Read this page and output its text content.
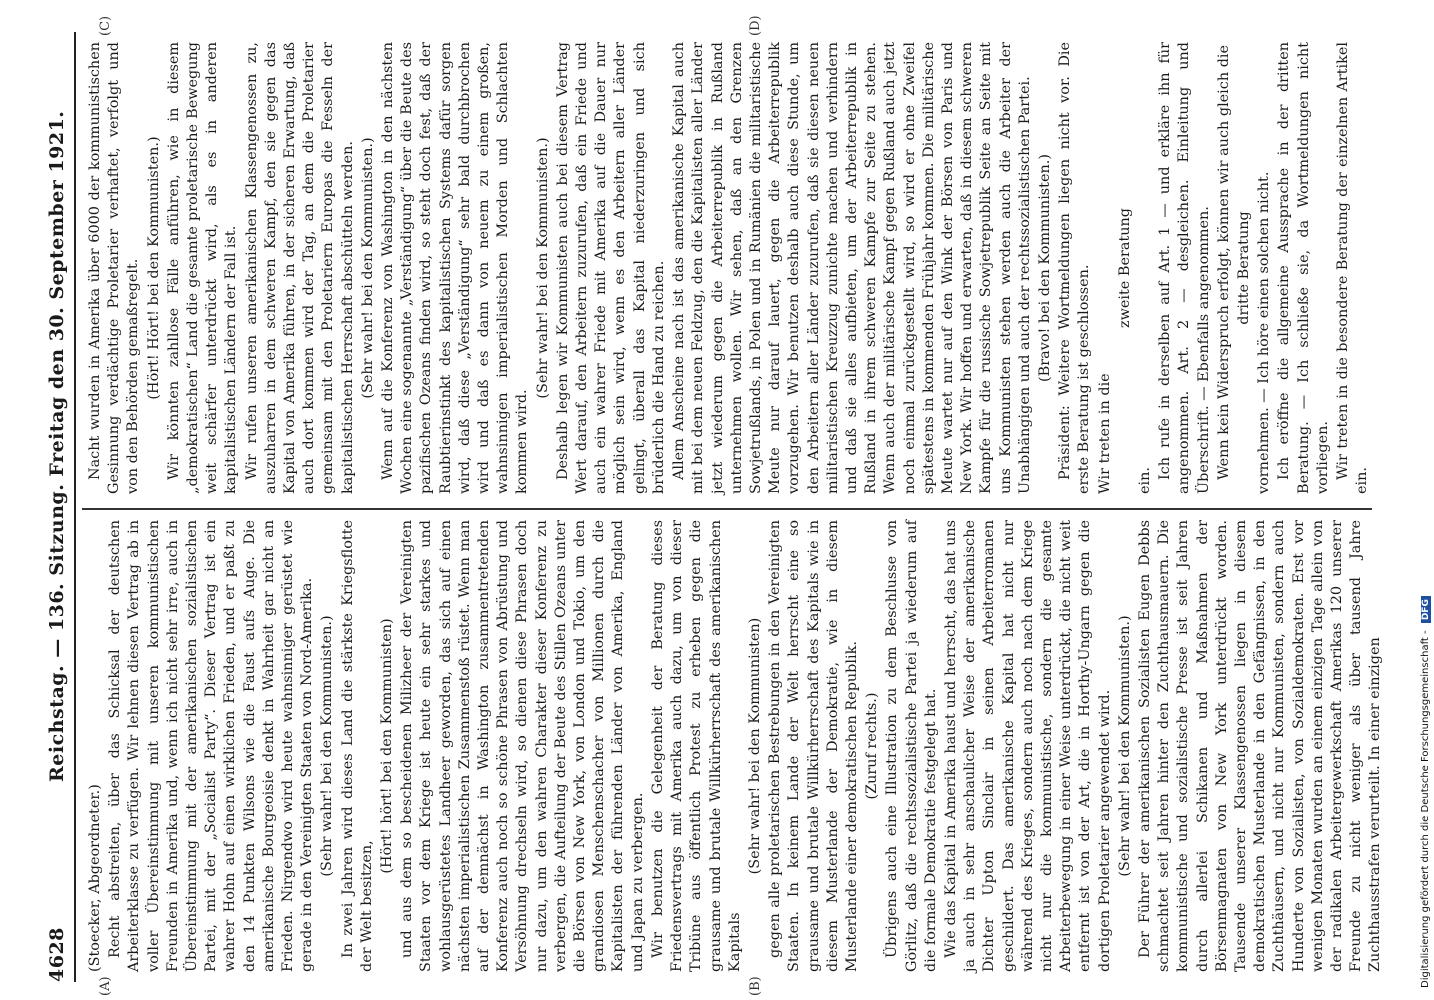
4628
Reichstag. — 136. Sitzung. Freitag den 30. September 1921.
(A)	(B)
(C)	(D)

(Stoecker, Abgeordneter.) Recht abstreiten, über das Schicksal der deutschen Arbeiterklasse zu verfügen. Wir lehnen diesen Vertrag ab in voller Übereinstimmung mit unseren kommunistischen Freunden in Amerika und, wenn ich nicht sehr irre, auch in Übereinstimmung mit der amerikanischen sozialistischen Partei, mit der „Socialist Party“. Dieser Vertrag ist ein wahrer Hohn auf einen wirklichen Frieden, und er paßt zu den 14 Punkten Wilsons wie die Faust aufs Auge. Die amerikanische Bourgeoisie denkt in Wahrheit gar nicht an Frieden. Nirgendwo wird heute wahnsinniger gerüstet wie gerade in den Vereinigten Staaten von Nord-Amerika. (Sehr wahr! bei den Kommunisten.) In zwei Jahren wird dieses Land die stärkste Kriegsflotte der Welt besitzen,

(Hört! hört! bei den Kommunisten) und aus dem so bescheidenen Milizheer der Vereinigten Staaten vor dem Kriege ist heute ein sehr starkes und wohlausgerüstetes Landheer geworden, das sich auf einen nächsten imperialistischen Zusammenstoß rüstet. Wenn man auf der demnächst in Washington zusammentretenden Konferenz auch noch so schöne Phrasen von Abrüstung und Versöhnung drechseln wird, so dienen diese Phrasen doch nur dazu, um den wahren Charakter dieser Konferenz zu verbergen, die Aufteilung der Beute des Stillen Ozeans unter die Börsen von New York, von London und Tokio, um den grandiosen Menschenschacher von Millionen durch die Kapitalisten der führenden Länder von Amerika, England und Japan zu verbergen. Wir benutzen die Gelegenheit der Beratung dieses Friedensvertrags mit Amerika auch dazu, um von dieser Tribüne aus öffentlich Protest zu erheben gegen die grausame und brutale Willkürherrschaft des amerikanischen Kapitals

(Sehr wahr! bei den Kommunisten) gegen alle proletarischen Bestrebungen in den Vereinigten Staaten. In keinem Lande der Welt herrscht eine so grausame und brutale Willkürherrschaft des Kapitals wie in diesem Musterlande der Demokratie, wie in diesem Musterlande einer demokratischen Republik. (Zuruf rechts.) Übrigens auch eine Illustration zu dem Beschlusse von Görlitz, daß die rechtssozialistische Partei ja wiederum auf die formale Demokratie festgelegt hat. Wie das Kapital in Amerika haust und herrscht, das hat uns ja auch in sehr anschaulicher Weise der amerikanische Dichter Upton Sinclair in seinen Arbeiterromanen geschildert. Das amerikanische Kapital hat nicht nur während des Krieges, sondern auch noch nach dem Kriege nicht nur die kommunistische, sondern die gesamte Arbeiterbewegung in einer Weise unterdrückt, die nicht weit entfernt ist von der Art, die in Horthy-Ungarn gegen die dortigen Proletarier angewendet wird. (Sehr wahr! bei den Kommunisten.) Der Führer der amerikanischen Sozialisten Eugen Debbs schmachtet seit Jahren hinter den Zuchthausmauern. Die kommunistische und sozialistische Presse ist seit Jahren durch allerlei Schikanen und Maßnahmen der Börsenmagnaten von New York unterdrückt worden. Tausende unserer Klassengenossen liegen in diesem demokratischen Musterlande in den Gefängnissen, in den Zuchthäusern, und nicht nur Kommunisten, sondern auch Hunderte von Sozialisten, von Sozialdemokraten. Erst vor wenigen Monaten wurden an einem einzigen Tage allein von der radikalen Arbeitergewerkschaft Amerikas 120 unserer Freunde zu nicht weniger als über tausend Jahre Zuchthausstrafen verurteilt. In einer einzigen

Nacht wurden in Amerika über 6000 der kommunistischen Gesinnung verdächtige Proletarier verhaftet, verfolgt und von den Behörden gemaßregelt. (Hört! Hört! bei den Kommunisten.) Wir könnten zahllose Fälle anführen, wie in diesem „demokratischen“ Land die gesamte proletarische Bewegung weit schärfer unterdrückt wird, als es in anderen kapitalistischen Ländern der Fall ist. Wir rufen unseren amerikanischen Klassengenossen zu, auszuharren in dem schweren Kampf, den sie gegen das Kapital von Amerika führen, in der sicheren Erwartung, daß auch dort kommen wird der Tag, an dem die Proletarier gemeinsam mit den Proletariern Europas die Fesseln der kapitalistischen Herrschaft abschütteln werden. (Sehr wahr! bei den Kommunisten.) Wenn auf die Konferenz von Washington in den nächsten Wochen eine sogenannte „Verständigung“ über die Beute des pazifischen Ozeans finden wird, so steht doch fest, daß der Raubtierinstinkt des kapitalistischen Systems dafür sorgen wird, daß diese „Verständigung“ sehr bald durchbrochen wird und daß es dann von neuem zu einem großen, wahnsinnigen imperialistischen Morden und Schlachten kommen wird.

(Sehr wahr! bei den Kommunisten.) Deshalb legen wir Kommunisten auch bei diesem Vertrag Wert darauf, den Arbeitern zuzurufen, daß ein Friede und auch ein wahrer Friede mit Amerika auf die Dauer nur möglich sein wird, wenn es den Arbeitern aller Länder gelingt, überall das Kapital niederzuringen und sich brüderlich die Hand zu reichen. Allem Anscheine nach ist das amerikanische Kapital auch mit bei dem neuen Feldzug, den die Kapitalisten aller Länder jetzt wiederum gegen die Arbeiterrepublik in Rußland unternehmen wollen. Wir sehen, daß an den Grenzen Sowjetrußlands, in Polen und in Rumänien die militaristische Meute nur darauf lauert, gegen die Arbeiterrepublik vorzugehen. Wir benutzen deshalb auch diese Stunde, um den Arbeitern aller Länder zuzurufen, daß sie diesen neuen militaristischen Kreuzzug zunichte machen und verhindern und daß sie alles aufbieten, um der Arbeiterrepublik in Rußland in ihrem schweren Kampfe zur Seite zu stehen. Wenn auch der militärische Kampf gegen Rußland auch jetzt noch einmal zurückgestellt wird, so wird er ohne Zweifel spätestens in kommenden Frühjahr kommen. Die militärische Meute wartet nur auf den Wink der Börsen von Paris und New York. Wir hoffen und erwarten, daß in diesem schweren Kampfe für die russische Sowjetrepublik Seite an Seite mit uns Kommunisten stehen werden auch die Arbeiter der Unabhängigen und auch der rechtssozialistischen Partei. (Bravo! bei den Kommunisten.) Präsident: Weitere Wortmeldungen liegen nicht vor. Die erste Beratung ist geschlossen. Wir treten in die

zweite Beratung

ein.

Ich rufe in derselben auf Art. 1 — und erkläre ihn für angenommen. Art. 2 — desgleichen. Einleitung und Überschrift. — Ebenfalls angenommen. Wenn kein Widerspruch erfolgt, können wir auch gleich die dritte Beratung vornehmen. — Ich höre einen solchen nicht. Ich eröffne die allgemeine Aussprache in der dritten Beratung. — Ich schließe sie, da Wortmeldungen nicht vorliegen. Wir treten in die besondere Beratung der einzelnen Artikel ein.

Digitalisierung gefördert durch die Deutsche Forschungsgemeinschaft - DFG
